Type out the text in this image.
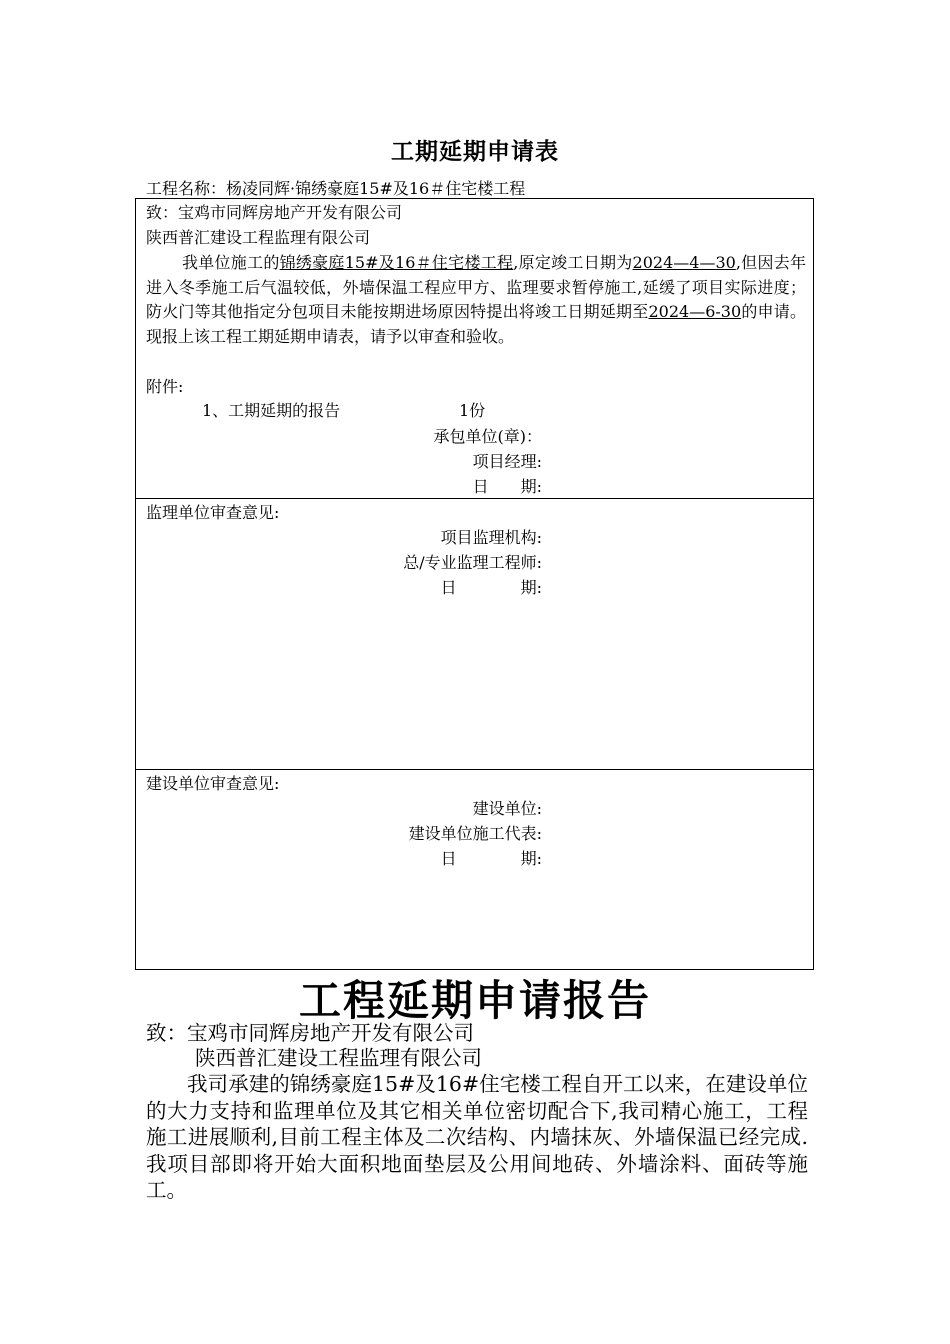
工期延期申请表
工程名称：杨凌同辉·锦绣豪庭15#及16＃住宅楼工程
致：宝鸡市同辉房地产开发有限公司
陕西普汇建设工程监理有限公司
我单位施工的锦绣豪庭15#及16＃住宅楼工程,原定竣工日期为2024—4—30,但因去年进入冬季施工后气温较低，外墙保温工程应甲方、监理要求暂停施工,延缓了项目实际进度；防火门等其他指定分包项目未能按期进场原因特提出将竣工日期延期至2024—6-30的申请。现报上该工程工期延期申请表，请予以审查和验收。
附件:
1、工期延期的报告	1份
承包单位(章)：
项目经理:
日　　期:
监理单位审查意见:
项目监理机构:
总/专业监理工程师:
日　　　　期:
建设单位审查意见:
建设单位:
建设单位施工代表:
日　　　　期:
工程延期申请报告
致：宝鸡市同辉房地产开发有限公司
陕西普汇建设工程监理有限公司
我司承建的锦绣豪庭15#及16#住宅楼工程自开工以来，在建设单位的大力支持和监理单位及其它相关单位密切配合下,我司精心施工，工程施工进展顺利,目前工程主体及二次结构、内墙抹灰、外墙保温已经完成.我项目部即将开始大面积地面垫层及公用间地砖、外墙涂料、面砖等施工。
